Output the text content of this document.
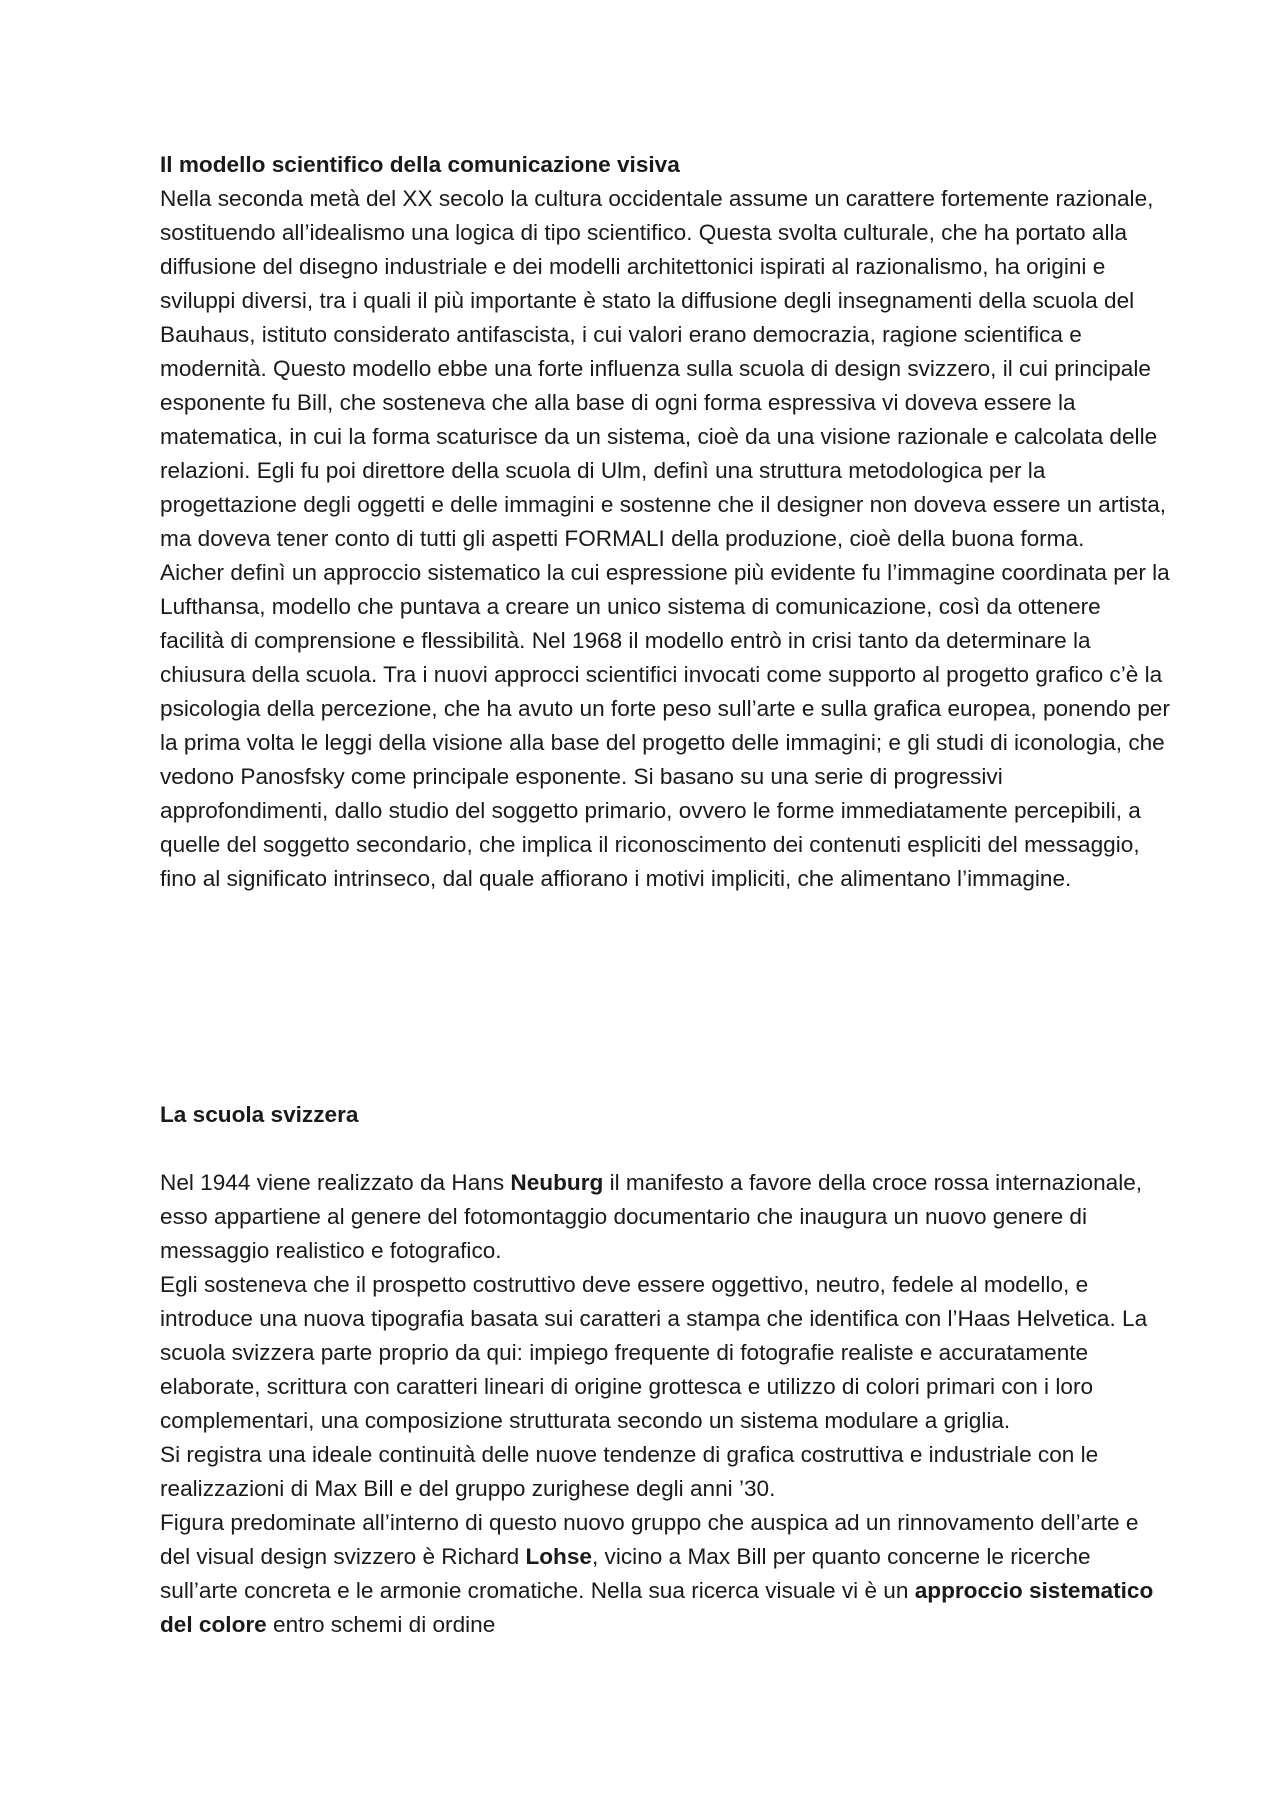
Il modello scientifico della comunicazione visiva

Nella seconda metà del XX secolo la cultura occidentale assume un carattere fortemente razionale, sostituendo all’idealismo una logica di tipo scientifico. Questa svolta culturale, che ha portato alla diffusione del disegno industriale e dei modelli architettonici ispirati al razionalismo, ha origini e sviluppi diversi, tra i quali il più importante è stato la diffusione degli insegnamenti della scuola del Bauhaus, istituto considerato antifascista, i cui valori erano democrazia, ragione scientifica e modernità. Questo modello ebbe una forte influenza sulla scuola di design svizzero, il cui principale esponente fu Bill, che sosteneva che alla base di ogni forma espressiva vi doveva essere la matematica, in cui la forma scaturisce da un sistema, cioè da una visione razionale e calcolata delle relazioni. Egli fu poi direttore della scuola di Ulm, definì una struttura metodologica per la progettazione degli oggetti e delle immagini e sostenne che il designer non doveva essere un artista, ma doveva tener conto di tutti gli aspetti FORMALI della produzione, cioè della buona forma.

Aicher definì un approccio sistematico la cui espressione più evidente fu l’immagine coordinata per la Lufthansa, modello che puntava a creare un unico sistema di comunicazione, così da ottenere facilità di comprensione e flessibilità. Nel 1968 il modello entrò in crisi tanto da determinare la chiusura della scuola. Tra i nuovi approcci scientifici invocati come supporto al progetto grafico c’è la psicologia della percezione, che ha avuto un forte peso sull’arte e sulla grafica europea, ponendo per la prima volta le leggi della visione alla base del progetto delle immagini; e gli studi di iconologia, che vedono Panosfsky come principale esponente. Si basano su una serie di progressivi approfondimenti, dallo studio del soggetto primario, ovvero le forme immediatamente percepibili, a quelle del soggetto secondario, che implica il riconoscimento dei contenuti espliciti del messaggio, fino al significato intrinseco, dal quale affiorano i motivi impliciti, che alimentano l’immagine.

La scuola svizzera

Nel 1944 viene realizzato da Hans Neuburg il manifesto a favore della croce rossa internazionale, esso appartiene al genere del fotomontaggio documentario che inaugura un nuovo genere di messaggio realistico e fotografico.

Egli sosteneva che il prospetto costruttivo deve essere oggettivo, neutro, fedele al modello, e introduce una nuova tipografia basata sui caratteri a stampa che identifica con l’Haas Helvetica. La scuola svizzera parte proprio da qui: impiego frequente di fotografie realiste e accuratamente elaborate, scrittura con caratteri lineari di origine grottesca e utilizzo di colori primari con i loro complementari, una composizione strutturata secondo un sistema modulare a griglia.

Si registra una ideale continuità delle nuove tendenze di grafica costruttiva e industriale con le realizzazioni di Max Bill e del gruppo zurighese degli anni ’30.

Figura predominate all’interno di questo nuovo gruppo che auspica ad un rinnovamento dell’arte e del visual design svizzero è Richard Lohse, vicino a Max Bill per quanto concerne le ricerche sull’arte concreta e le armonie cromatiche. Nella sua ricerca visuale vi è un approccio sistematico del colore entro schemi di ordine
